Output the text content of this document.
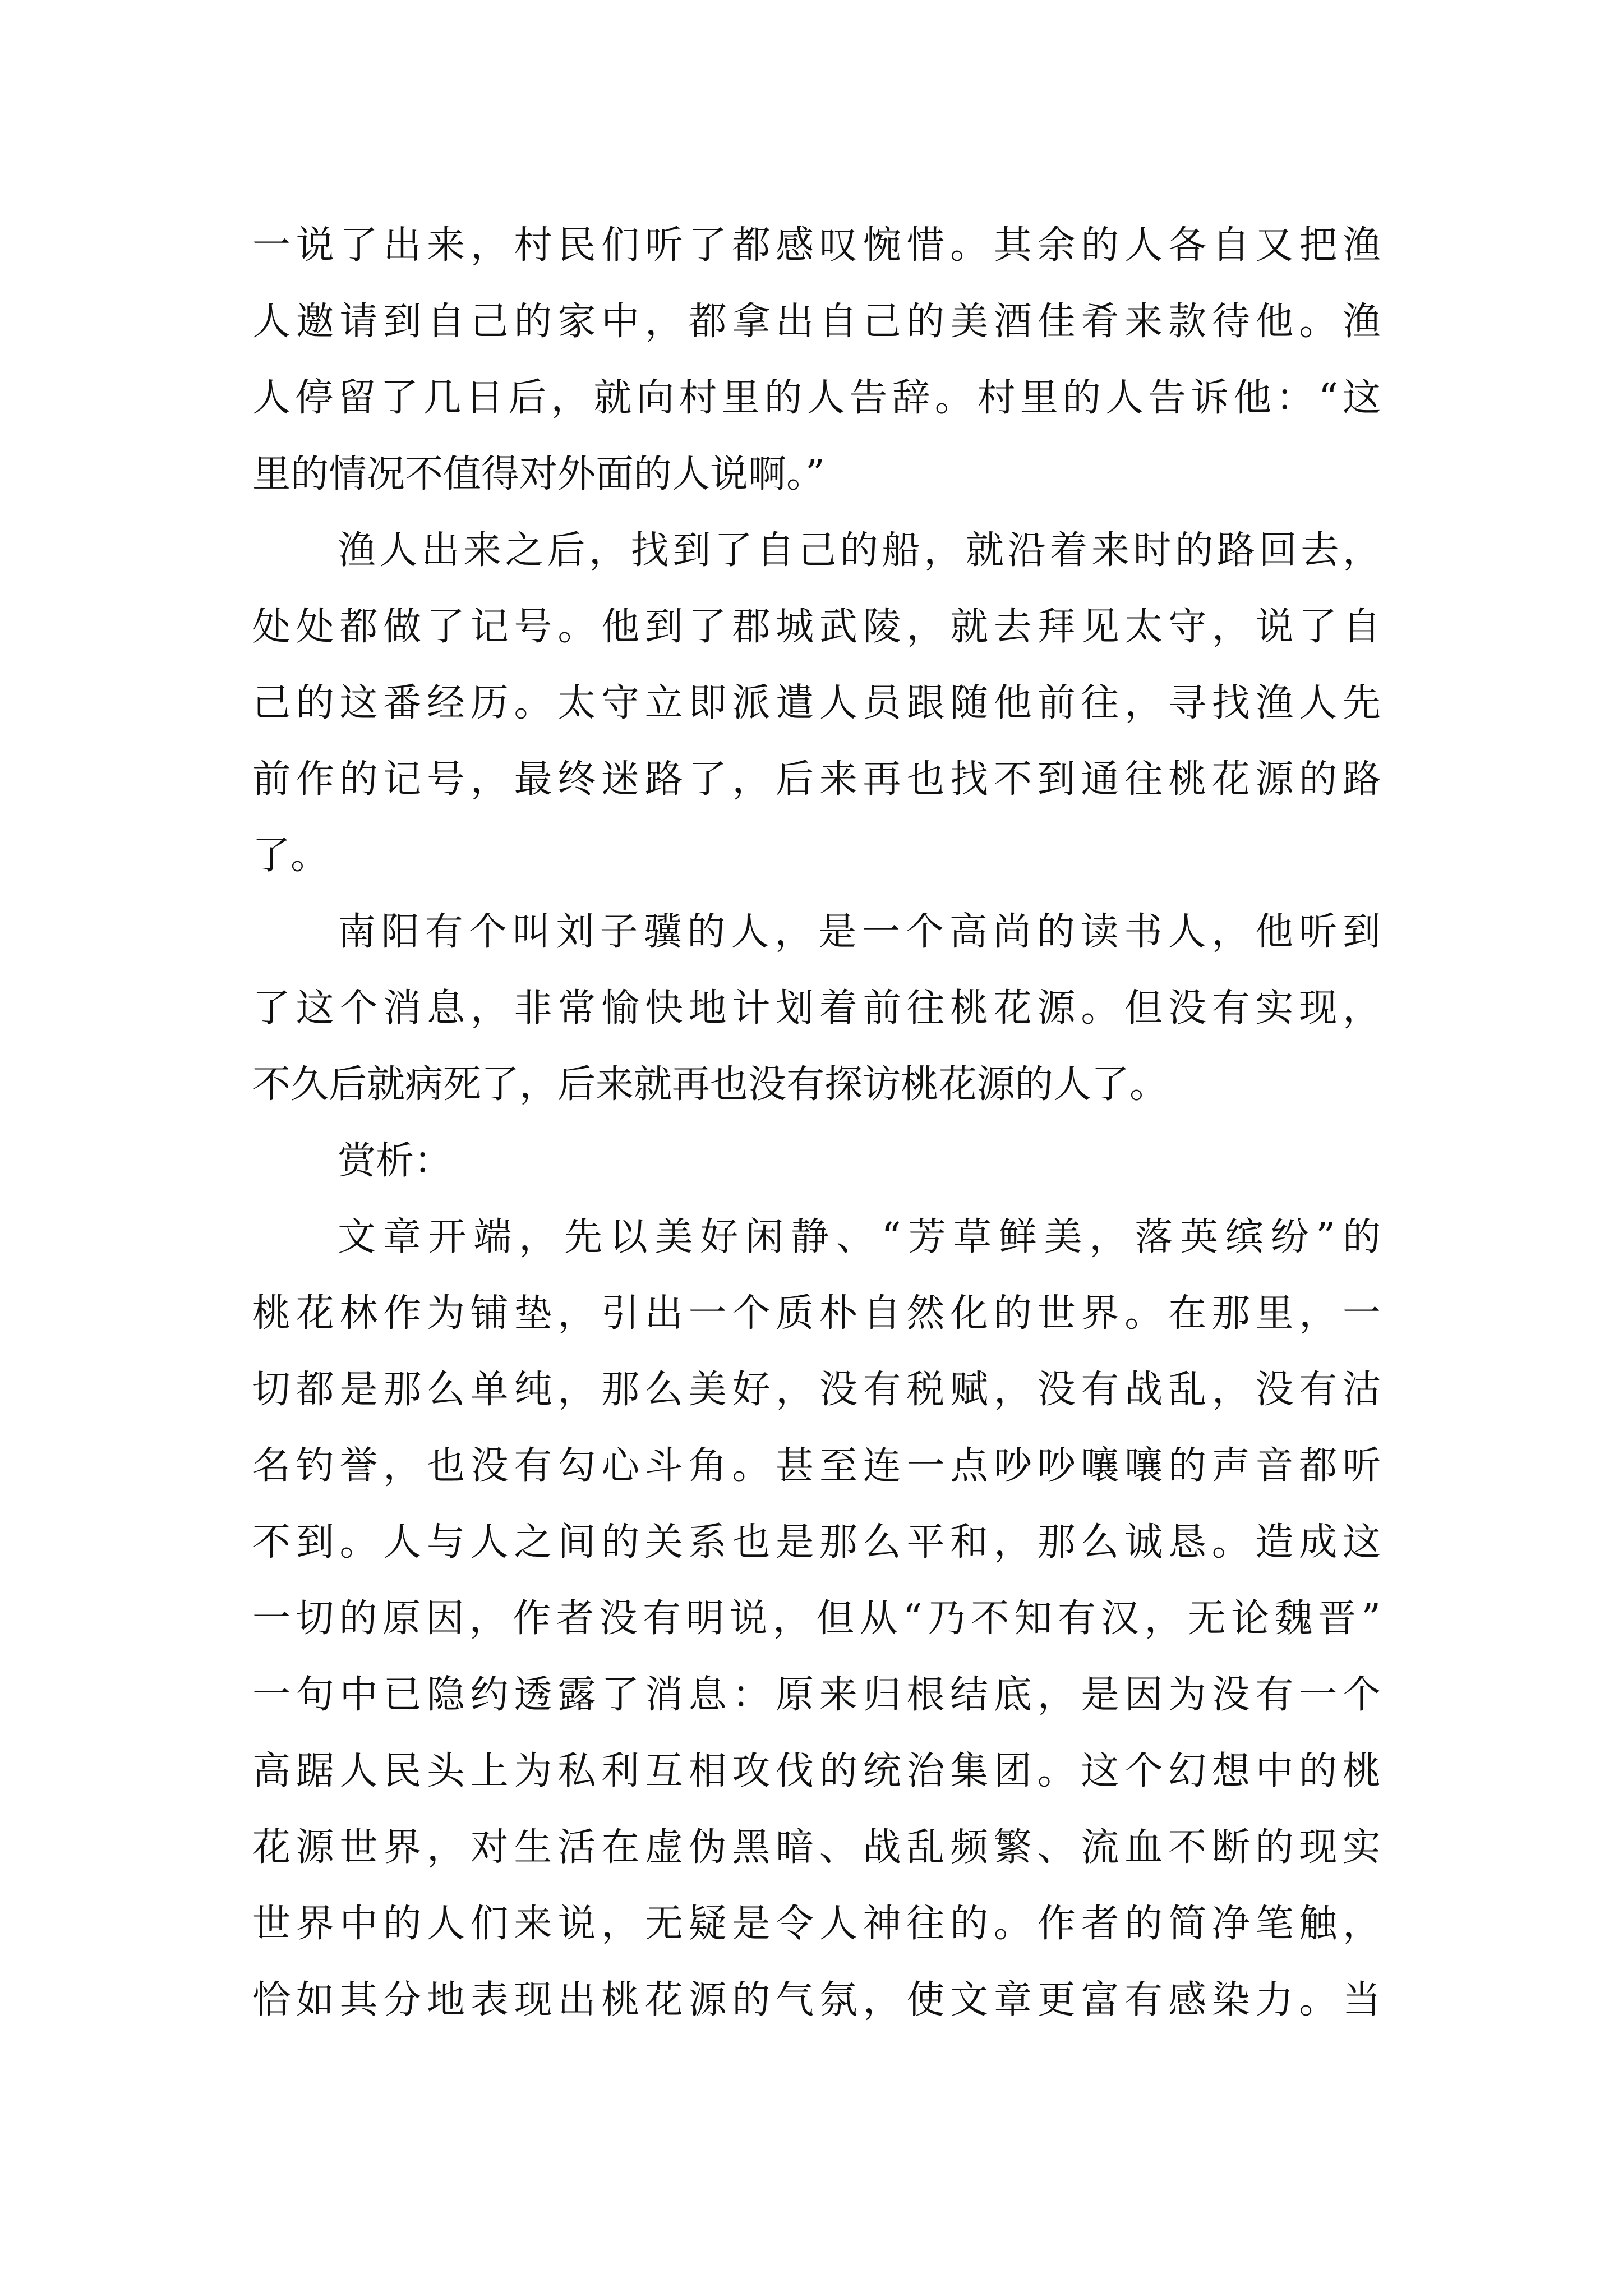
一说了出来，村民们听了都感叹惋惜。其余的人各自又把渔
人邀请到自己的家中，都拿出自己的美酒佳肴来款待他。渔
人停留了几日后，就向村里的人告辞。村里的人告诉他：“这
里的情况不值得对外面的人说啊。”
渔人出来之后，找到了自己的船，就沿着来时的路回去，
处处都做了记号。他到了郡城武陵，就去拜见太守，说了自
己的这番经历。太守立即派遣人员跟随他前往，寻找渔人先
前作的记号，最终迷路了，后来再也找不到通往桃花源的路
了。
南阳有个叫刘子骥的人，是一个高尚的读书人，他听到
了这个消息，非常愉快地计划着前往桃花源。但没有实现，
不久后就病死了，后来就再也没有探访桃花源的人了。
赏析：
文章开端，先以美好闲静、“芳草鲜美，落英缤纷”的
桃花林作为铺垫，引出一个质朴自然化的世界。在那里，一
切都是那么单纯，那么美好，没有税赋，没有战乱，没有沽
名钓誉，也没有勾心斗角。甚至连一点吵吵嚷嚷的声音都听
不到。人与人之间的关系也是那么平和，那么诚恳。造成这
一切的原因，作者没有明说，但从“乃不知有汉，无论魏晋”
一句中已隐约透露了消息：原来归根结底，是因为没有一个
高踞人民头上为私利互相攻伐的统治集团。这个幻想中的桃
花源世界，对生活在虚伪黑暗、战乱频繁、流血不断的现实
世界中的人们来说，无疑是令人神往的。作者的简净笔触，
恰如其分地表现出桃花源的气氛，使文章更富有感染力。当
